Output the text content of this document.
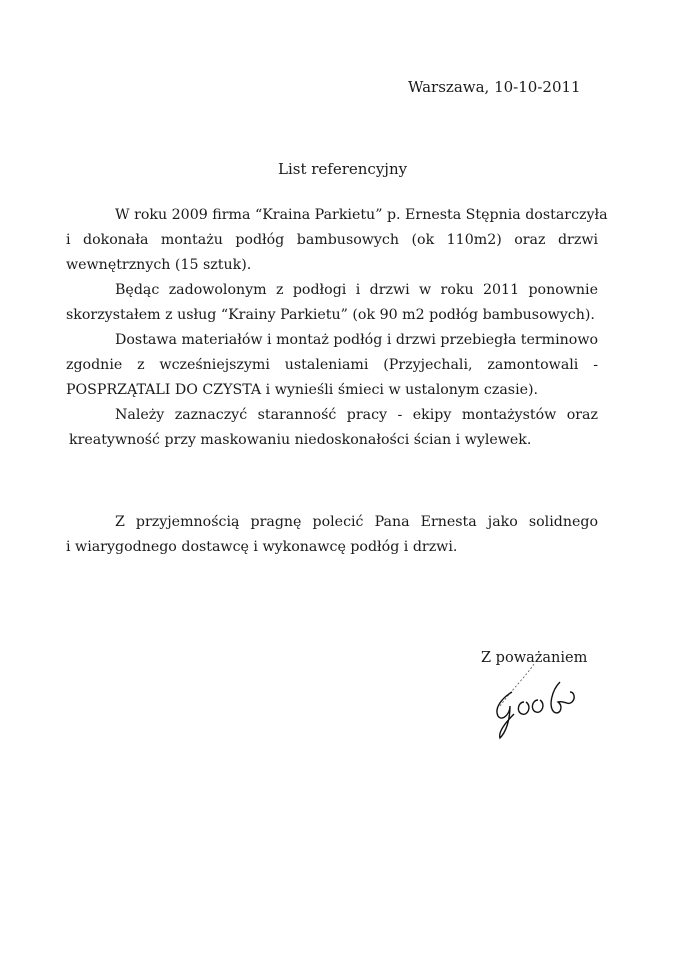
Warszawa, 10-10-2011
List referencyjny
W roku 2009 firma “Kraina Parkietu” p. Ernesta Stępnia dostarczyła
i dokonała montażu podłóg bambusowych (ok 110m2) oraz drzwi
wewnętrznych (15 sztuk).
Będąc zadowolonym z podłogi i drzwi w roku 2011 ponownie
skorzystałem z usług “Krainy Parkietu” (ok 90 m2 podłóg bambusowych).
Dostawa materiałów i montaż podłóg i drzwi przebiegła terminowo
zgodnie z wcześniejszymi ustaleniami (Przyjechali, zamontowali -
POSPRZĄTALI DO CZYSTA i wynieśli śmieci w ustalonym czasie).
Należy zaznaczyć staranność pracy - ekipy montażystów oraz
kreatywność przy maskowaniu niedoskonałości ścian i wylewek.
Z przyjemnością pragnę polecić Pana Ernesta jako solidnego
i wiarygodnego dostawcę i wykonawcę podłóg i drzwi.
Z poważaniem
